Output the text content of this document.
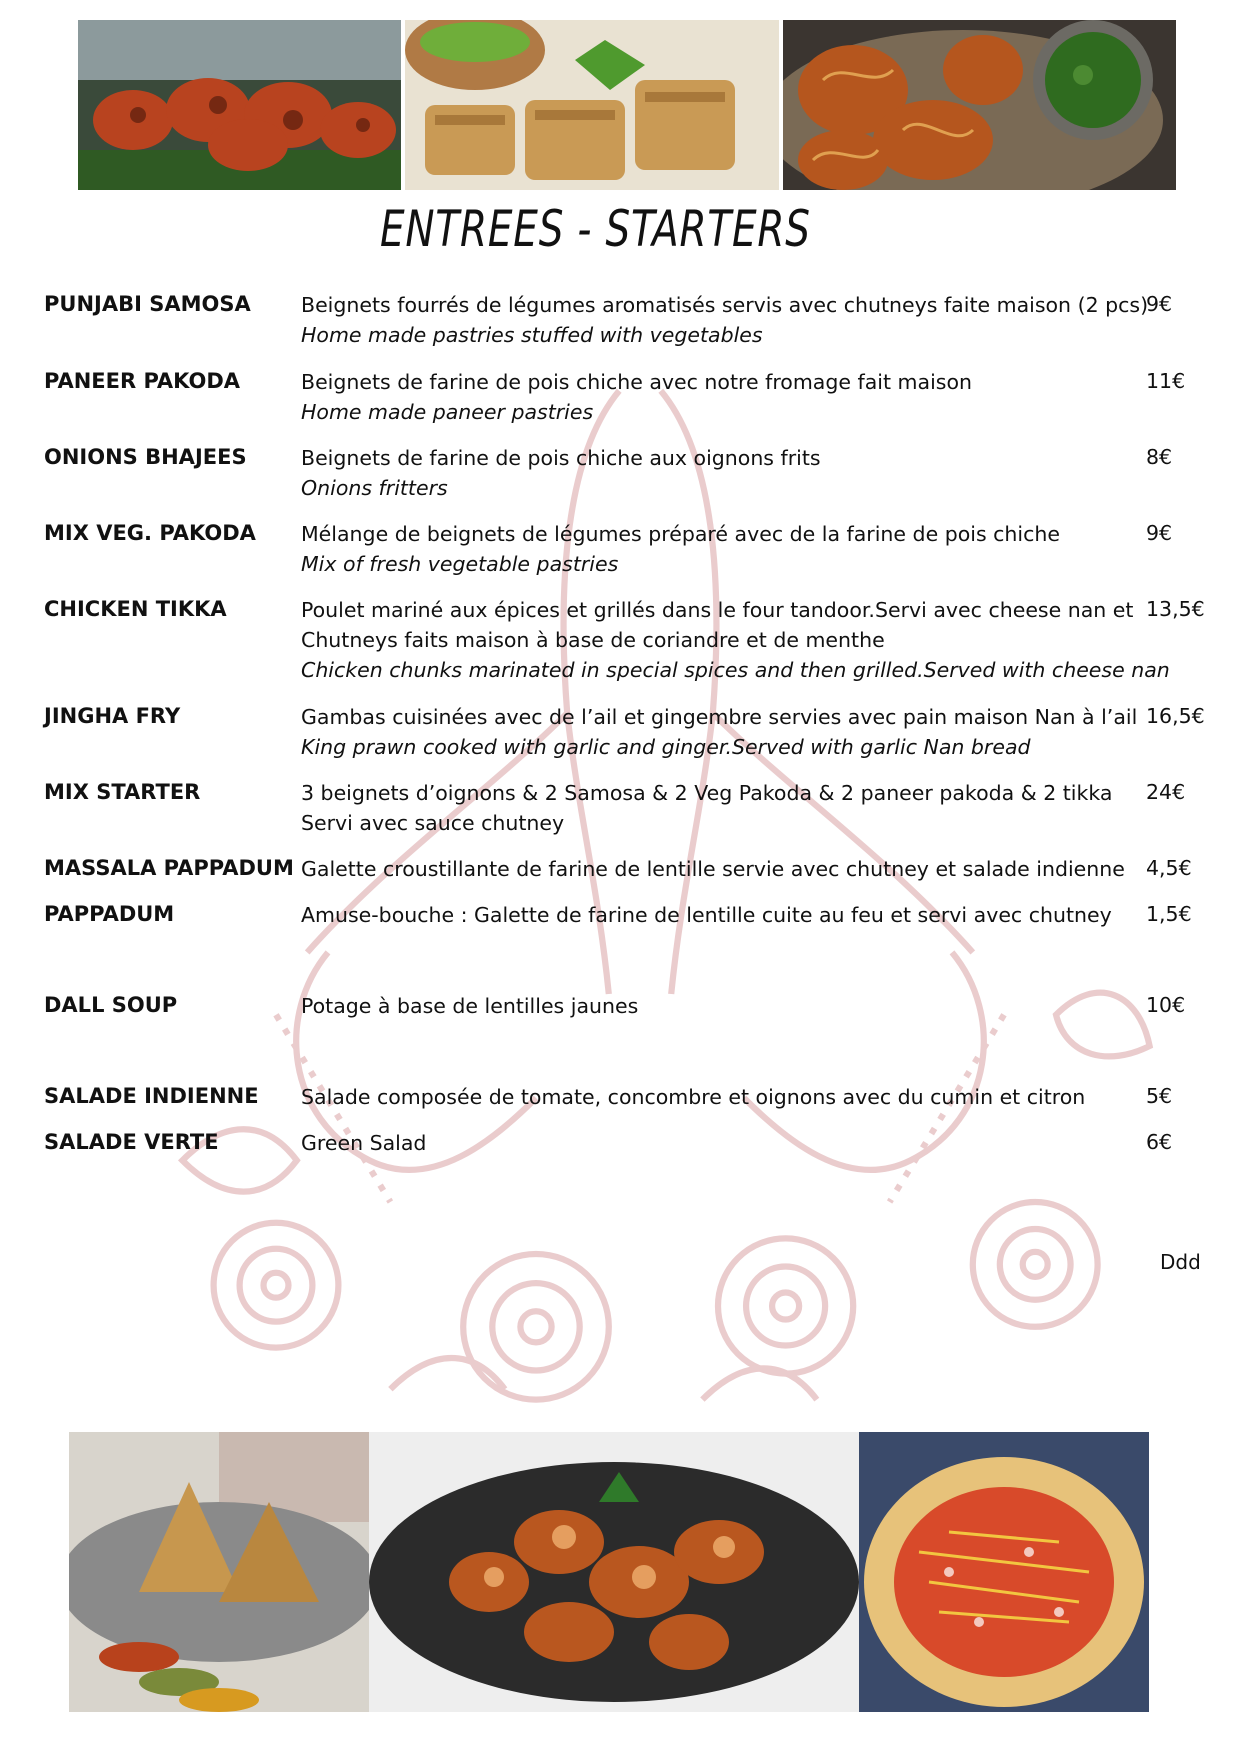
ENTREES - STARTERS
PUNJABI SAMOSA	Beignets fourrés de légumes aromatisés servis avec chutneys faite maison (2 pcs)
Home made pastries stuffed with vegetables
9€
PANEER PAKODA	Beignets de farine de pois chiche avec notre fromage fait maison
Home made paneer pastries
11€
ONIONS BHAJEES	Beignets de farine de pois chiche aux oignons frits
Onions fritters
8€
MIX VEG. PAKODA	Mélange de beignets de légumes préparé avec de la farine de pois chiche
Mix of fresh vegetable pastries
9€
CHICKEN TIKKA	Poulet mariné aux épices et grillés dans le four tandoor.Servi avec cheese nan et
Chutneys faits maison à base de coriandre et de menthe
Chicken chunks marinated in special spices and then grilled.Served with cheese nan
13,5€
JINGHA FRY	Gambas cuisinées avec de l’ail et gingembre servies avec pain maison Nan à l’ail
King prawn cooked with garlic and ginger.Served with garlic Nan bread
16,5€
MIX STARTER	3 beignets d’oignons & 2 Samosa & 2 Veg Pakoda & 2 paneer pakoda & 2 tikka
Servi avec sauce chutney
24€
MASSALA PAPPADUM Galette croustillante de farine de lentille servie avec chutney et salade indienne	4,5€
PAPPADUM	Amuse-bouche : Galette de farine de lentille cuite au feu et servi avec chutney	1,5€
DALL SOUP	Potage à base de lentilles jaunes	10€
SALADE INDIENNE	Salade composée de tomate, concombre et oignons avec du cumin et citron	5€
SALADE VERTE	Green Salad	6€
Ddd
